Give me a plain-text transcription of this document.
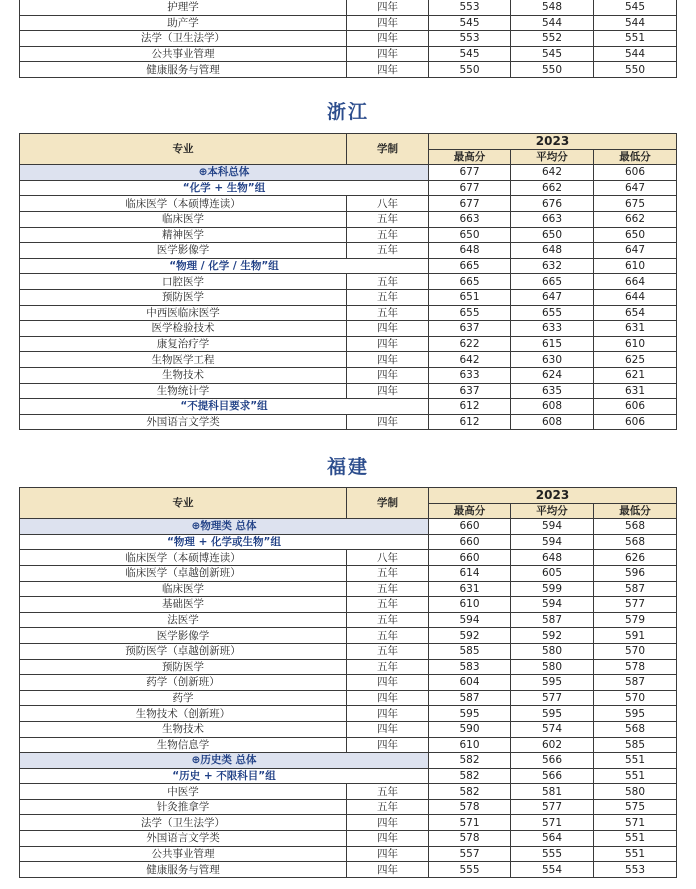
护理学	四年	553	548	545
助产学	四年	545	544	544
法学（卫生法学）	四年	553	552	551
公共事业管理	四年	545	545	544
健康服务与管理	四年	550	550	550
浙江
专业	学制	2023		
		最高分	平均分	最低分
⊕本科总体		677	642	606
“化学 + 生物”组		677	662	647
临床医学（本硕博连读）	八年	677	676	675
临床医学	五年	663	663	662
精神医学	五年	650	650	650
医学影像学	五年	648	648	647
“物理 / 化学 / 生物”组		665	632	610
口腔医学	五年	665	665	664
预防医学	五年	651	647	644
中西医临床医学	五年	655	655	654
医学检验技术	四年	637	633	631
康复治疗学	四年	622	615	610
生物医学工程	四年	642	630	625
生物技术	四年	633	624	621
生物统计学	四年	637	635	631
“不提科目要求”组		612	608	606
外国语言文学类	四年	612	608	606
福建
专业	学制	2023		
		最高分	平均分	最低分
⊕物理类 总体		660	594	568
“物理 + 化学或生物”组		660	594	568
临床医学（本硕博连读）	八年	660	648	626
临床医学（卓越创新班）	五年	614	605	596
临床医学	五年	631	599	587
基础医学	五年	610	594	577
法医学	五年	594	587	579
医学影像学	五年	592	592	591
预防医学（卓越创新班）	五年	585	580	570
预防医学	五年	583	580	578
药学（创新班）	四年	604	595	587
药学	四年	587	577	570
生物技术（创新班）	四年	595	595	595
生物技术	四年	590	574	568
生物信息学	四年	610	602	585
⊕历史类 总体		582	566	551
“历史 + 不限科目”组		582	566	551
中医学	五年	582	581	580
针灸推拿学	五年	578	577	575
法学（卫生法学）	四年	571	571	571
外国语言文学类	四年	578	564	551
公共事业管理	四年	557	555	551
健康服务与管理	四年	555	554	553
